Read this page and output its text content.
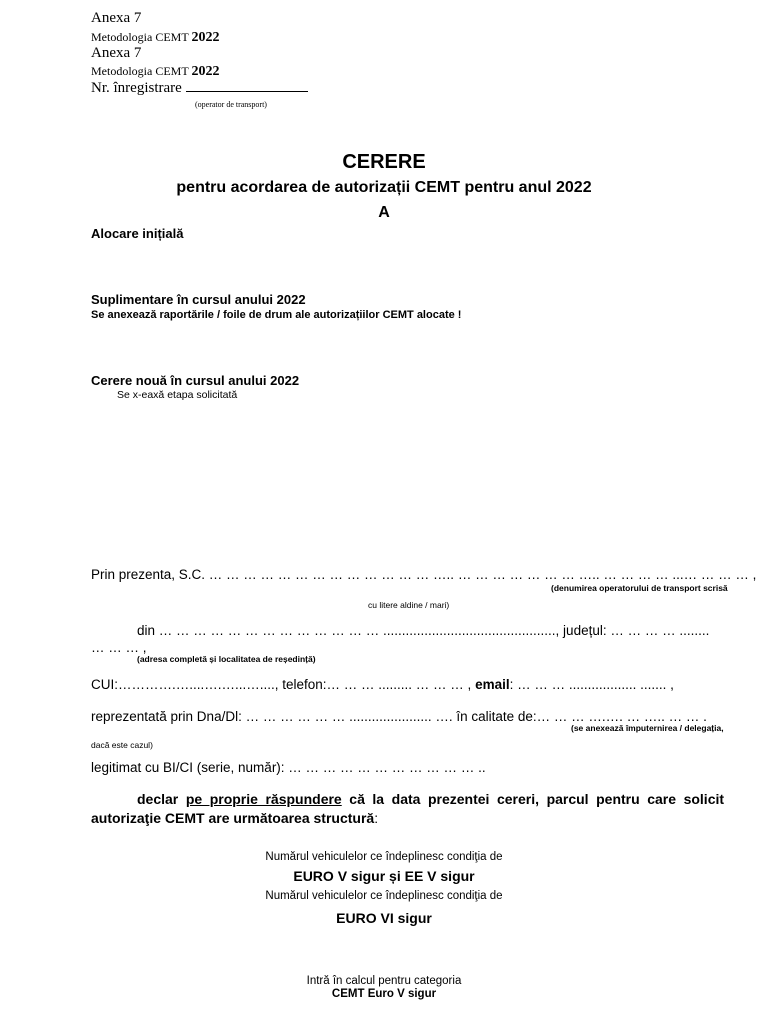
Anexa 7
Metodologia CEMT 2022
Anexa 7
Metodologia CEMT 2022
Nr. înregistrare
(operator de transport)
CERERE
pentru acordarea de autorizații CEMT pentru anul 2022
A
Alocare inițială
Suplimentare în cursul anului 2022
Se anexează raportările / foile de drum ale autorizațiilor CEMT alocate !
Cerere nouă în cursul anului 2022
Se x-eaxă etapa solicitată
Prin prezenta, S.C. … … … … … … … … … … … … … ….. … … … … … … … ….. … … … … ...… … … … ,
(denumirea operatorului de transport scrisă
cu litere aldine / mari)
din … … … … … … … … … … … … … .............................................., județul: … … … … ........
… … … ,
(adresa completă și localitatea de reședință)
CUI:………….…....….…...…...., telefon:… … … ......... … … … , email: … … … .................. ....... ,
reprezentată prin Dna/Dl: … … … … … … ...................... …. în calitate de:… … … ….…. … ….. … … .
(se anexează împuternirea / delegația,
dacă este cazul)
legitimat cu BI/CI (serie, număr): … … … … … … … … … … … ..
declar pe proprie răspundere că la data prezentei cereri, parcul pentru care solicit autorizaţie CEMT are următoarea structură:
Numărul vehiculelor ce îndeplinesc condiţia de
EURO V sigur și EE V sigur
Numărul vehiculelor ce îndeplinesc condiţia de
EURO VI sigur
Intră în calcul pentru categoria
CEMT Euro V sigur
